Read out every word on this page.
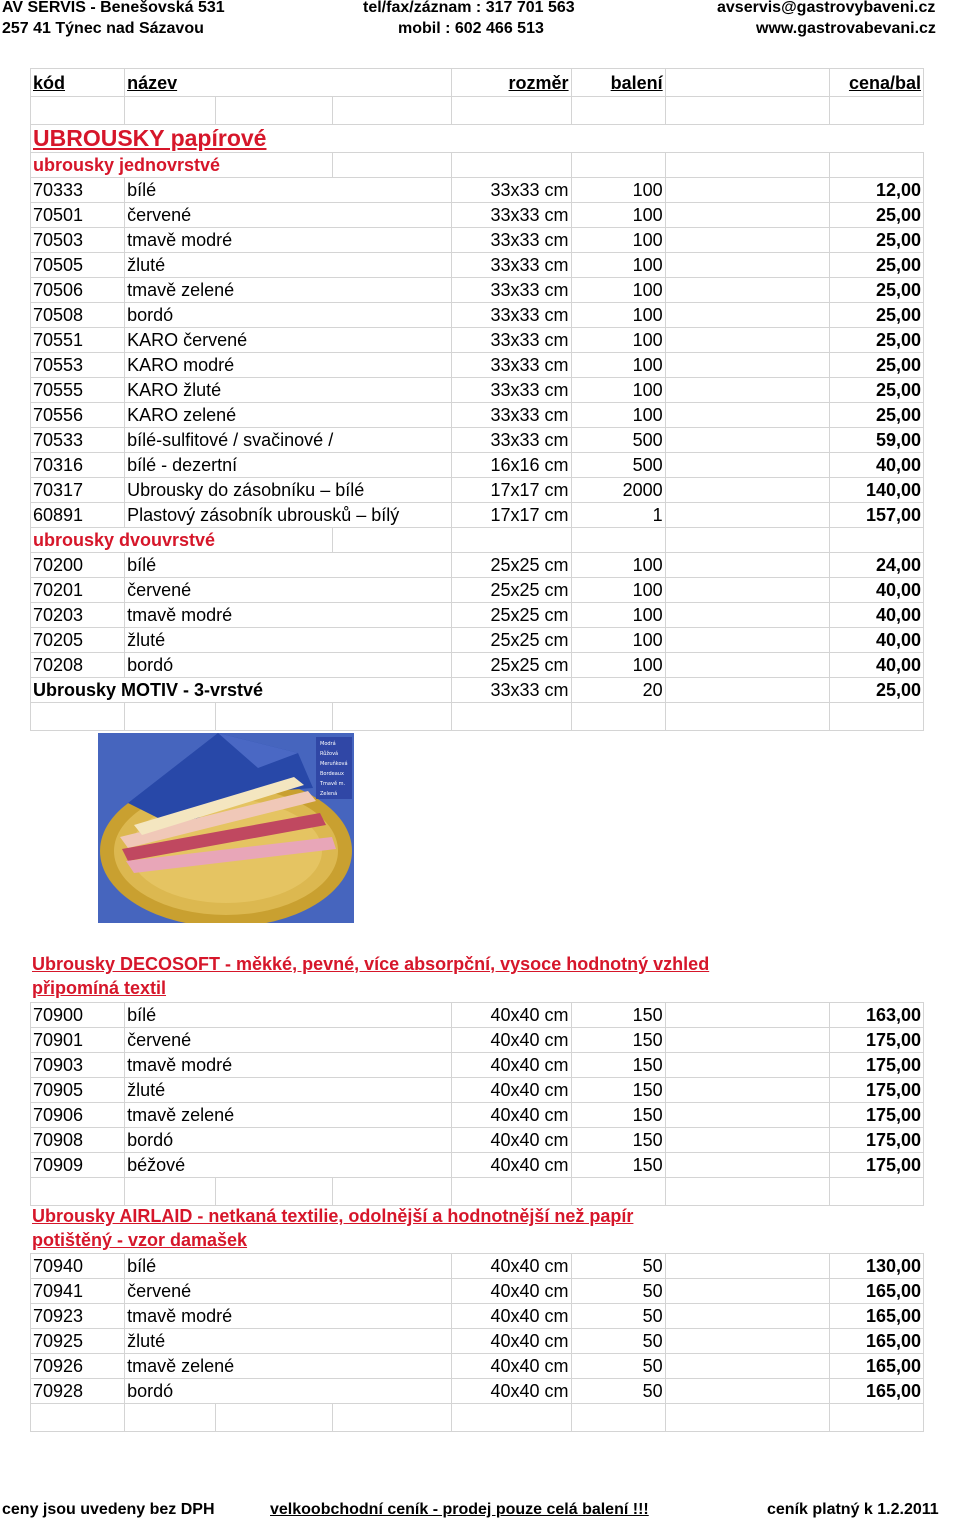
AV SERVIS - Benešovská 531	tel/fax/záznam : 317 701 563	avservis@gastrovybaveni.cz
257 41 Týnec nad Sázavou	mobil : 602 466 513	www.gastrovabevani.cz
kód	název			rozměr	balení		cena/bal

UBROUSKY papírové							
ubrousky jednovrstvé							
70333	bílé			33x33 cm	100		12,00
70501	červené			33x33 cm	100		25,00
70503	tmavě modré			33x33 cm	100		25,00
70505	žluté			33x33 cm	100		25,00
70506	tmavě zelené			33x33 cm	100		25,00
70508	bordó			33x33 cm	100		25,00
70551	KARO červené			33x33 cm	100		25,00
70553	KARO modré			33x33 cm	100		25,00
70555	KARO žluté			33x33 cm	100		25,00
70556	KARO zelené			33x33 cm	100		25,00
70533	bílé-sulfitové / svačinové /			33x33 cm	500		59,00
70316	bílé - dezertní			16x16 cm	500		40,00
70317	Ubrousky do zásobníku – bílé			17x17 cm	2000		140,00
60891	Plastový zásobník ubrousků – bílý			17x17 cm	1		157,00
ubrousky dvouvrstvé							
70200	bílé			25x25 cm	100		24,00
70201	červené			25x25 cm	100		40,00
70203	tmavě modré			25x25 cm	100		40,00
70205	žluté			25x25 cm	100		40,00
70208	bordó			25x25 cm	100		40,00
Ubrousky MOTIV - 3-vrstvé				33x33 cm	20		25,00

Modrá
Růžová
Meruňková
Bordeaux
Tmavě m.
Zelená
Ubrousky DECOSOFT - měkké, pevné, více absorpční, vysoce hodnotný vzhled
připomíná textil
70900	bílé			40x40 cm	150		163,00
70901	červené			40x40 cm	150		175,00
70903	tmavě modré			40x40 cm	150		175,00
70905	žluté			40x40 cm	150		175,00
70906	tmavě zelené			40x40 cm	150		175,00
70908	bordó			40x40 cm	150		175,00
70909	béžové			40x40 cm	150		175,00

Ubrousky AIRLAID - netkaná textilie, odolnější a hodnotnější než papír
potištěný - vzor damašek
70940	bílé			40x40 cm	50		130,00
70941	červené			40x40 cm	50		165,00
70923	tmavě modré			40x40 cm	50		165,00
70925	žluté			40x40 cm	50		165,00
70926	tmavě zelené			40x40 cm	50		165,00
70928	bordó			40x40 cm	50		165,00

ceny jsou uvedeny bez DPH	velkoobchodní ceník - prodej pouze celá balení !!!	ceník platný k 1.2.2011
